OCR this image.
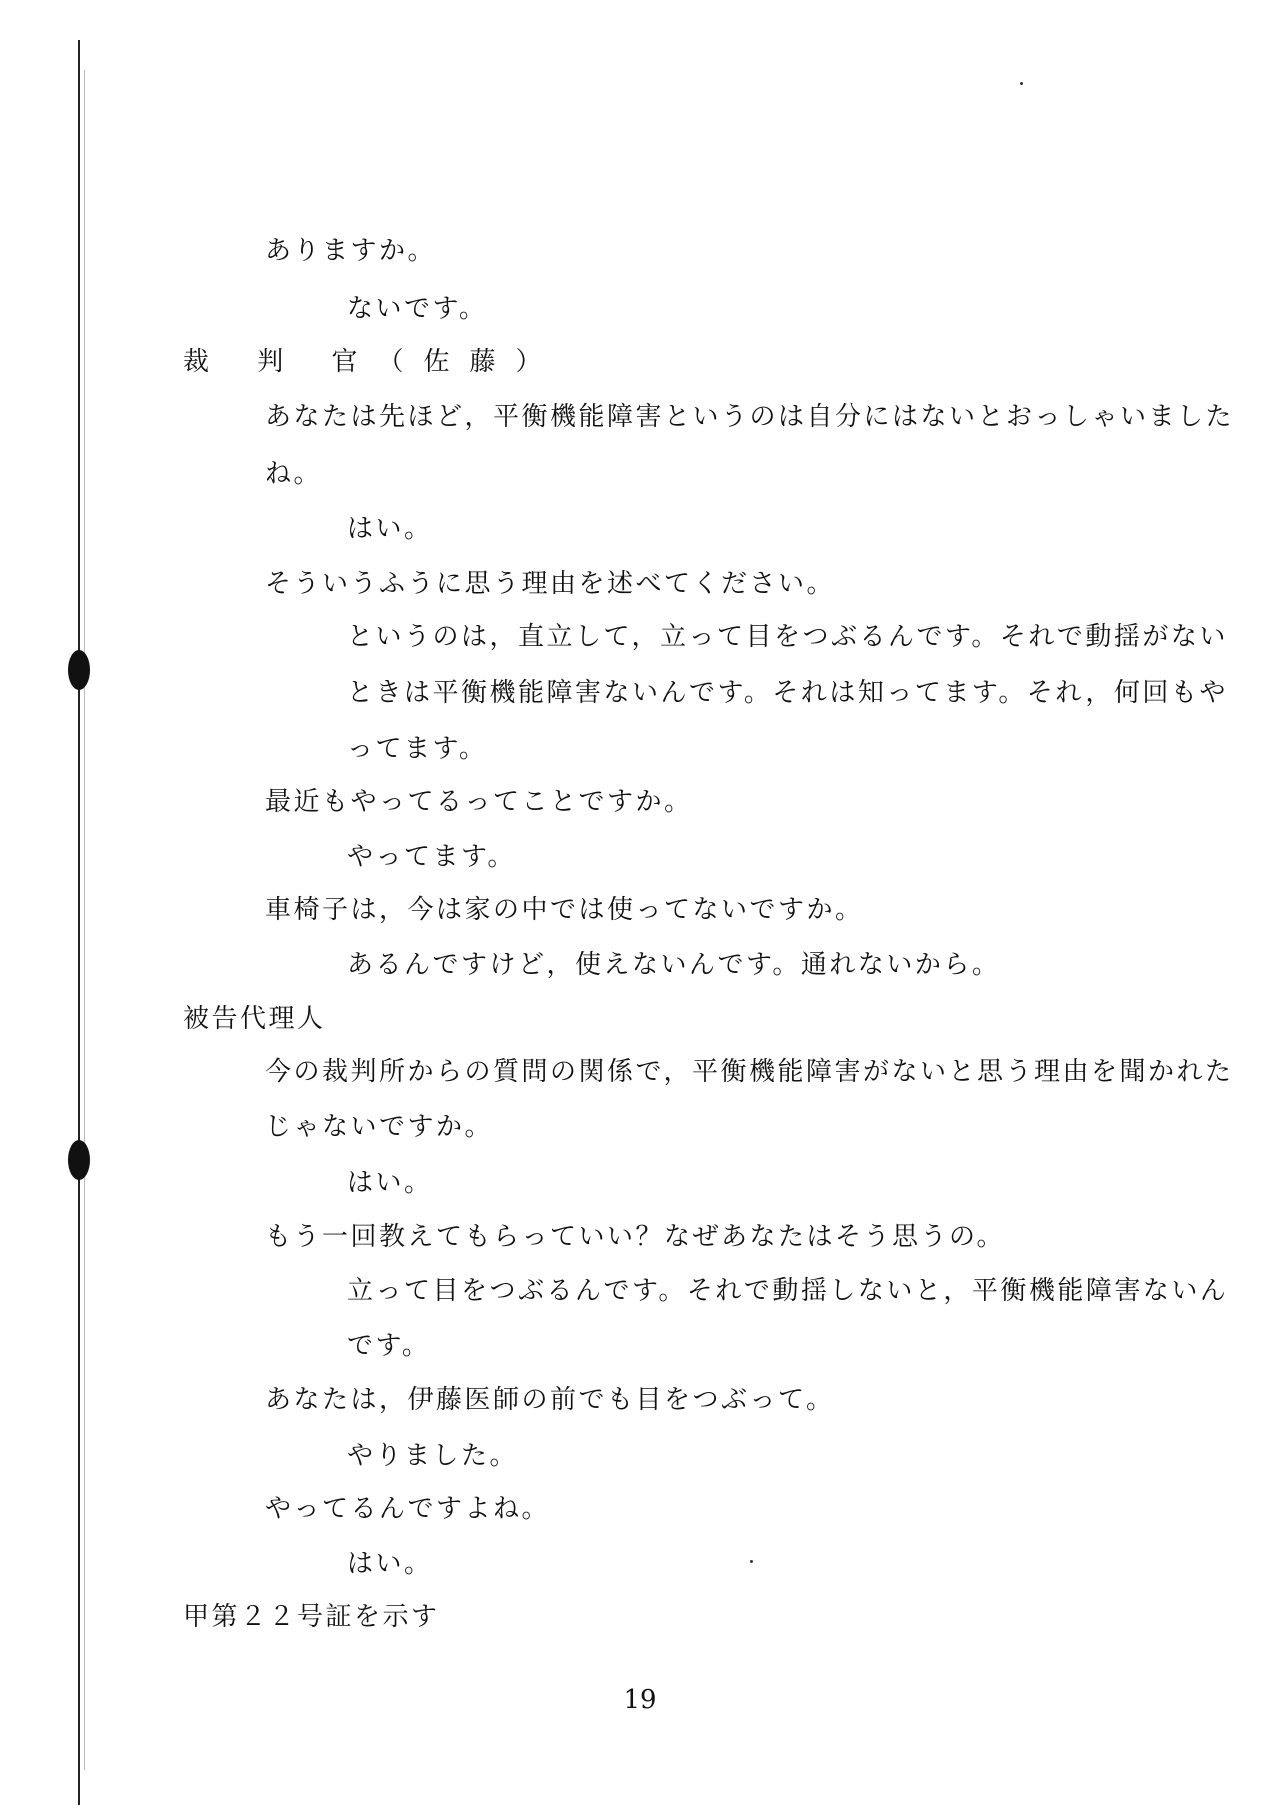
ありますか。
ないです。
裁 判 官（佐藤）
あなたは先ほど，平衡機能障害というのは自分にはないとおっしゃいました
ね。
はい。
そういうふうに思う理由を述べてください。
というのは，直立して，立って目をつぶるんです。それで動揺がない
ときは平衡機能障害ないんです。それは知ってます。それ，何回もや
ってます。
最近もやってるってことですか。
やってます。
車椅子は，今は家の中では使ってないですか。
あるんですけど，使えないんです。通れないから。
被告代理人
今の裁判所からの質問の関係で，平衡機能障害がないと思う理由を聞かれた
じゃないですか。
はい。
もう一回教えてもらっていい？なぜあなたはそう思うの。
立って目をつぶるんです。それで動揺しないと，平衡機能障害ないん
です。
あなたは，伊藤医師の前でも目をつぶって。
やりました。
やってるんですよね。
はい。
甲第２２号証を示す
19
